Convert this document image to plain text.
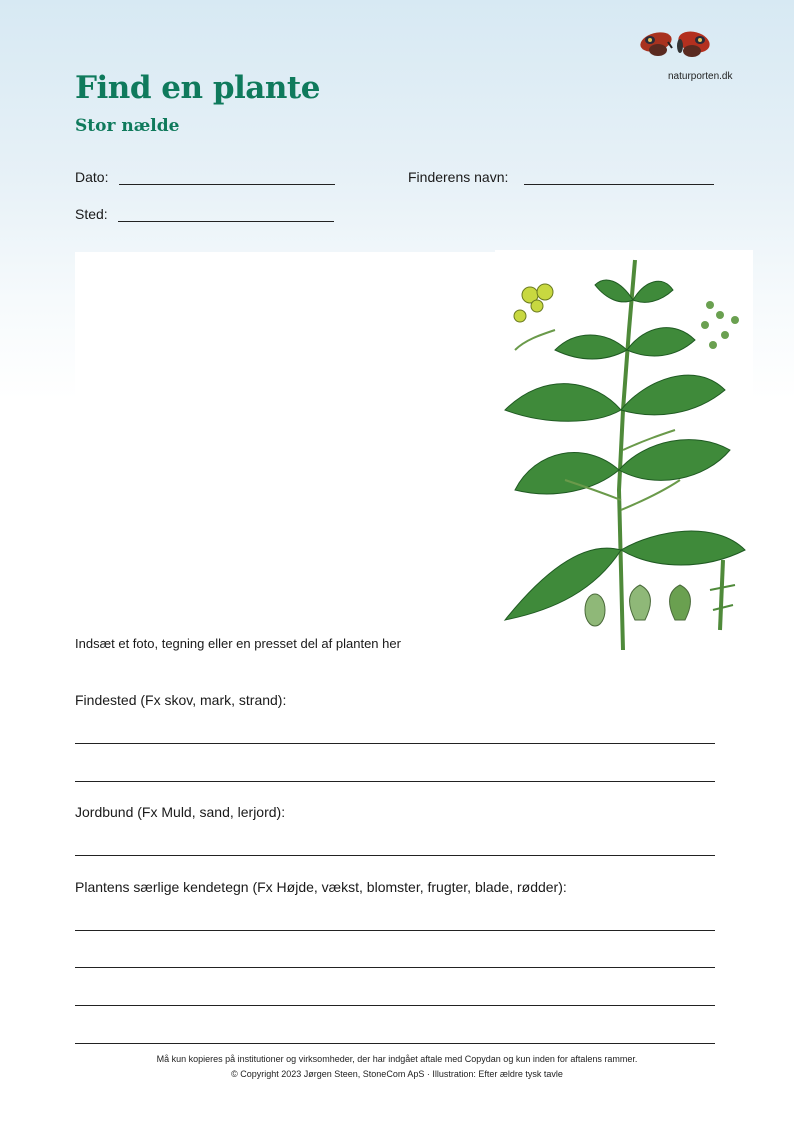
Find en plante
Stor nælde
naturporten.dk
Dato:	Finderens navn:
Sted:
Indsæt et foto, tegning eller en presset del af planten her
Findested (Fx skov, mark, strand):
Jordbund (Fx Muld, sand, lerjord):
Plantens særlige kendetegn (Fx Højde, vækst, blomster, frugter, blade, rødder):
Må kun kopieres på institutioner og virksomheder, der har indgået aftale med Copydan og kun inden for aftalens rammer.
© Copyright 2023 Jørgen Steen, StoneCom ApS · Illustration: Efter ældre tysk tavle
